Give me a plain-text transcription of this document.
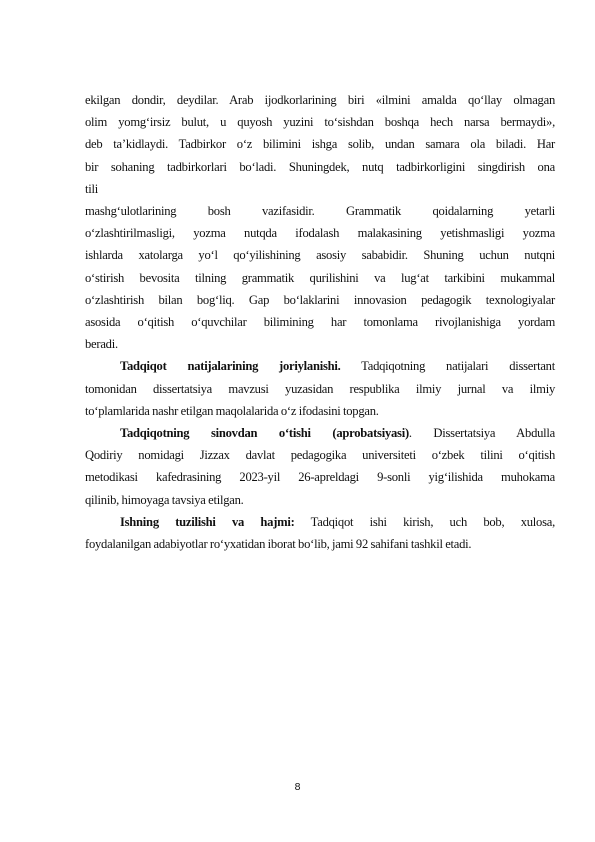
ekilgan dondir, deydilar. Arab ijodkorlarining biri «ilmini amalda qo‘llay olmagan
olim yomg‘irsiz bulut, u quyosh yuzini to‘sishdan boshqa hech narsa bermaydi»,
deb ta’kidlaydi. Tadbirkor o‘z bilimini ishga solib, undan samara ola biladi. Har
bir sohaning tadbirkorlari bo‘ladi. Shuningdek, nutq tadbirkorligini singdirish ona
tili
mashg‘ulotlarining bosh vazifasidir. Grammatik qoidalarning yetarli
o‘zlashtirilmasligi, yozma nutqda ifodalash malakasining yetishmasligi yozma
ishlarda xatolarga yo‘l qo‘yilishining asosiy sababidir. Shuning uchun nutqni
o‘stirish bevosita tilning grammatik qurilishini va lug‘at tarkibini mukammal
o‘zlashtirish bilan bog‘liq. Gap bo‘laklarini innovasion pedagogik texnologiyalar
asosida o‘qitish o‘quvchilar bilimining har tomonlama rivojlanishiga yordam
beradi.
Tadqiqot natijalarining joriylanishi. Tadqiqotning natijalari dissertant
tomonidan dissertatsiya mavzusi yuzasidan respublika ilmiy jurnal va ilmiy
to‘plamlarida nashr etilgan maqolalarida o‘z ifodasini topgan.
Tadqiqotning sinovdan o‘tishi (aprobatsiyasi). Dissertatsiya Abdulla
Qodiriy nomidagi Jizzax davlat pedagogika universiteti o‘zbek tilini o‘qitish
metodikasi kafedrasining 2023-yil 26-apreldagi 9-sonli yig‘ilishida muhokama
qilinib, himoyaga tavsiya etilgan.
Ishning tuzilishi va hajmi: Tadqiqot ishi kirish, uch bob, xulosa,
foydalanilgan adabiyotlar ro‘yxatidan iborat bo‘lib, jami 92 sahifani tashkil etadi.
8
